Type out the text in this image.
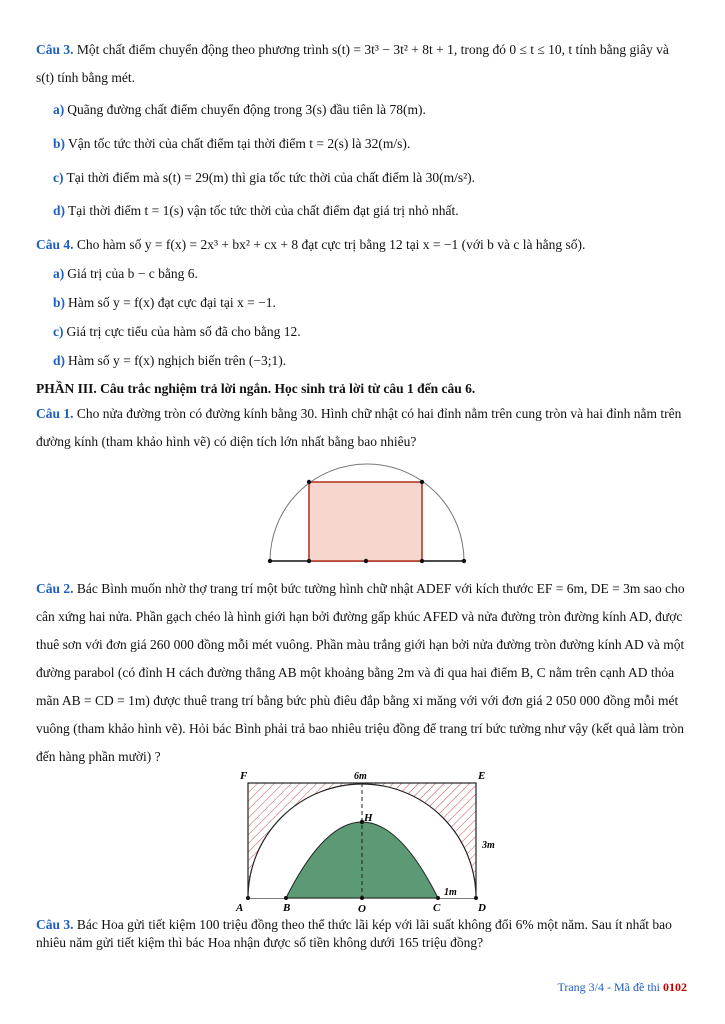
Câu 3. Một chất điểm chuyển động theo phương trình s(t) = 3t³ − 3t² + 8t + 1, trong đó 0 ≤ t ≤ 10, t tính bằng giây và s(t) tính bằng mét.
a) Quãng đường chất điểm chuyển động trong 3(s) đầu tiên là 78(m).
b) Vận tốc tức thời của chất điểm tại thời điểm t = 2(s) là 32(m/s).
c) Tại thời điểm mà s(t) = 29(m) thì gia tốc tức thời của chất điểm là 30(m/s²).
d) Tại thời điểm t = 1(s) vận tốc tức thời của chất điểm đạt giá trị nhỏ nhất.
Câu 4. Cho hàm số y = f(x) = 2x³ + bx² + cx + 8 đạt cực trị bằng 12 tại x = −1 (với b và c là hằng số).
a) Giá trị của b − c bằng 6.
b) Hàm số y = f(x) đạt cực đại tại x = −1.
c) Giá trị cực tiểu của hàm số đã cho bằng 12.
d) Hàm số y = f(x) nghịch biến trên (−3;1).
PHẦN III. Câu trắc nghiệm trả lời ngắn. Học sinh trả lời từ câu 1 đến câu 6.
Câu 1. Cho nửa đường tròn có đường kính bằng 30. Hình chữ nhật có hai đỉnh nằm trên cung tròn và hai đỉnh nằm trên đường kính (tham khảo hình vẽ) có diện tích lớn nhất bằng bao nhiêu?
Câu 2. Bác Bình muốn nhờ thợ trang trí một bức tường hình chữ nhật ADEF với kích thước EF = 6m, DE = 3m sao cho cân xứng hai nửa. Phần gạch chéo là hình giới hạn bởi đường gấp khúc AFED và nửa đường tròn đường kính AD, được thuê sơn với đơn giá 260 000 đồng mỗi mét vuông. Phần màu trắng giới hạn bởi nửa đường tròn đường kính AD và một đường parabol (có đỉnh H cách đường thẳng AB một khoảng bằng 2m và đi qua hai điểm B, C nằm trên cạnh AD thỏa mãn AB = CD = 1m) được thuê trang trí bằng bức phù điêu đắp bằng xi măng với với đơn giá 2 050 000 đồng mỗi mét vuông (tham khảo hình vẽ). Hỏi bác Bình phải trả bao nhiêu triệu đồng để trang trí bức tường như vậy (kết quả làm tròn đến hàng phần mười) ?
F	E
6m
H
3m
1m
A	B	O	C	D
Câu 3. Bác Hoa gửi tiết kiệm 100 triệu đồng theo thể thức lãi kép với lãi suất không đổi 6% một năm. Sau ít nhất bao nhiêu năm gửi tiết kiệm thì bác Hoa nhận được số tiền không dưới 165 triệu đồng?
Trang 3/4 - Mã đề thi 0102
